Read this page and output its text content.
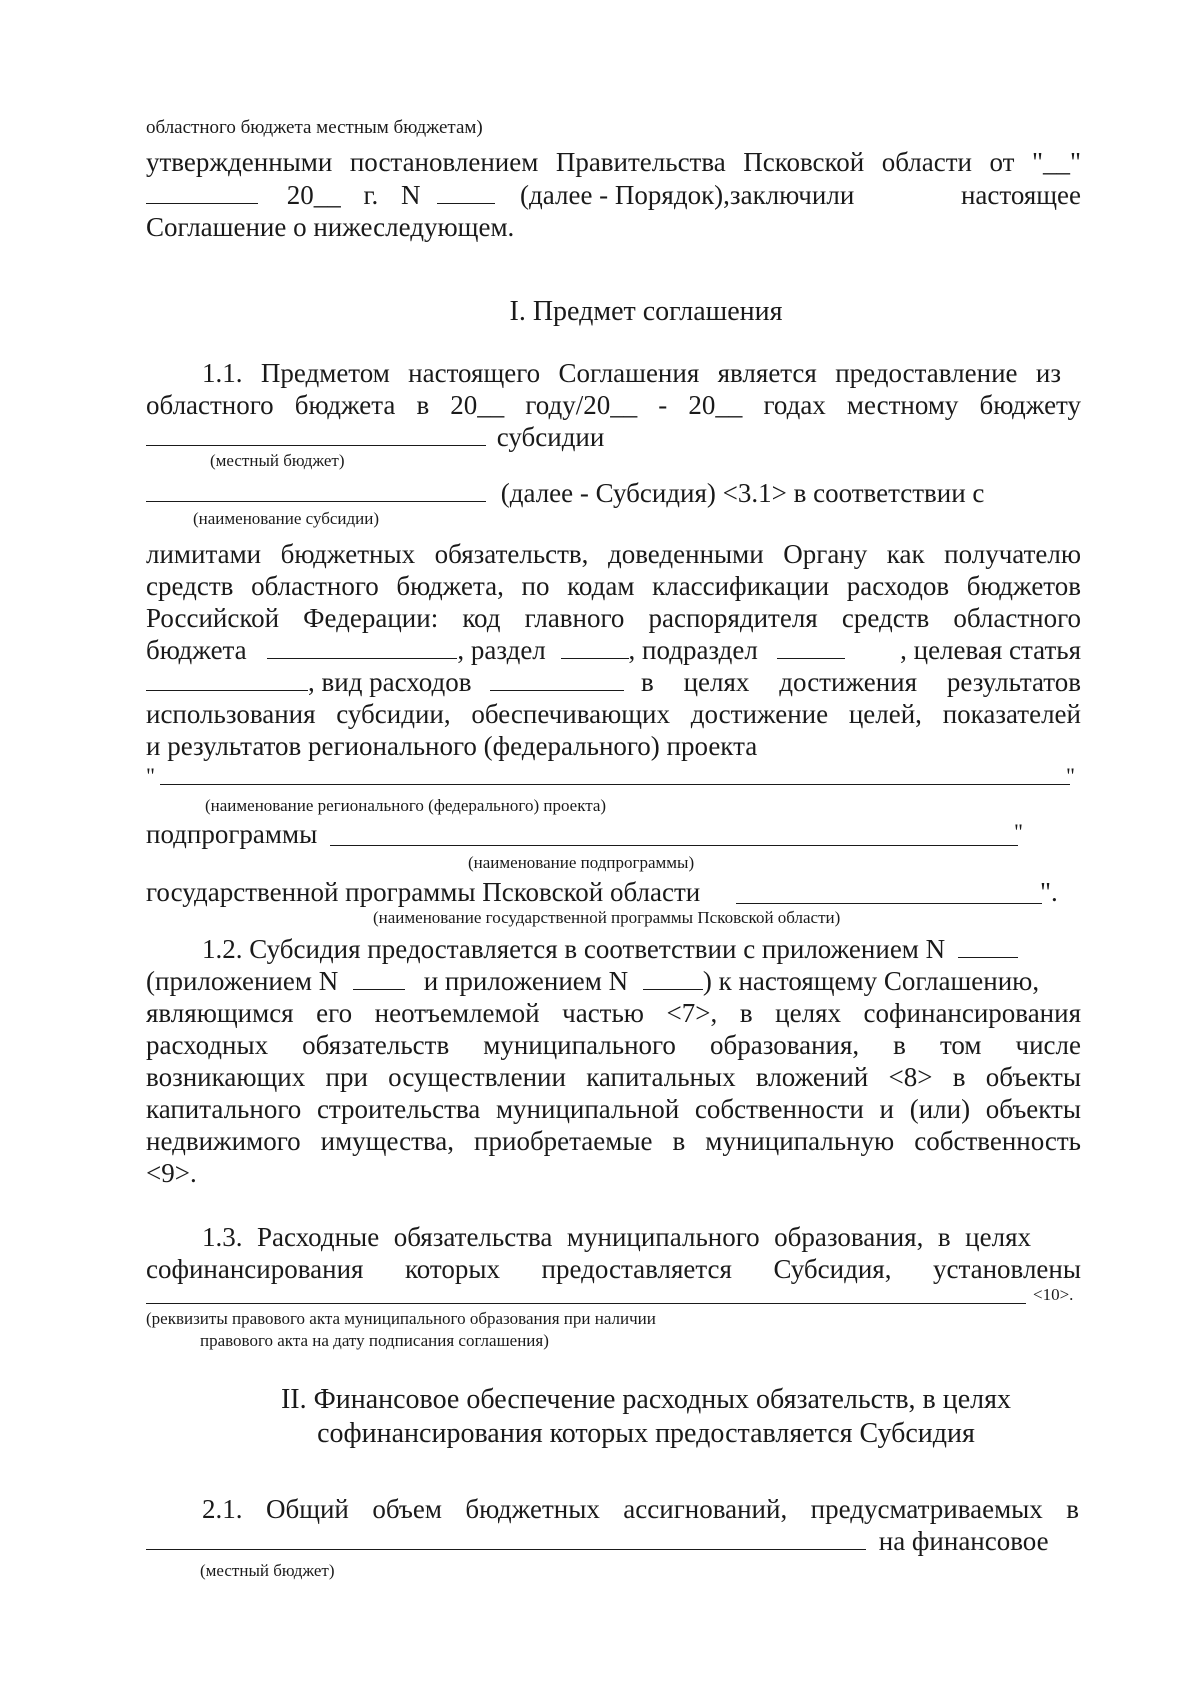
областного бюджета местным бюджетам)
утвержденными постановлением Правительства Псковской области от "__"
20__ г. N	(далее - Порядок),заключили	настоящее
Соглашение о нижеследующем.
I. Предмет соглашения
1.1. Предметом настоящего Соглашения является предоставление из
областного бюджета в 20__ году/20__ - 20__ годах местному бюджету
субсидии
(местный бюджет)
(далее - Субсидия) <3.1> в соответствии с
(наименование субсидии)
лимитами бюджетных обязательств, доведенными Органу как получателю
средств областного бюджета, по кодам классификации расходов бюджетов
Российской Федерации: код главного распорядителя средств областного
бюджета	, раздел	, подраздел	, целевая статья
, вид расходов	в целях достижения результатов
использования субсидии, обеспечивающих достижение целей, показателей
и результатов регионального (федерального) проекта
"	"
(наименование регионального (федерального) проекта)
подпрограммы	"
(наименование подпрограммы)
государственной программы Псковской области	".
(наименование государственной программы Псковской области)
1.2. Субсидия предоставляется в соответствии с приложением N
(приложением N	и приложением N	) к настоящему Соглашению,
являющимся его неотъемлемой частью <7>, в целях софинансирования
расходных обязательств муниципального образования, в том числе
возникающих при осуществлении капитальных вложений <8> в объекты
капитального строительства муниципальной собственности и (или) объекты
недвижимого имущества, приобретаемые в муниципальную собственность
<9>.
1.3. Расходные обязательства муниципального образования, в целях
софинансирования которых предоставляется Субсидия, установлены
<10>.
(реквизиты правового акта муниципального образования при наличии
правового акта на дату подписания соглашения)
II. Финансовое обеспечение расходных обязательств, в целях
софинансирования которых предоставляется Субсидия
2.1. Общий объем бюджетных ассигнований, предусматриваемых в
на финансовое
(местный бюджет)
